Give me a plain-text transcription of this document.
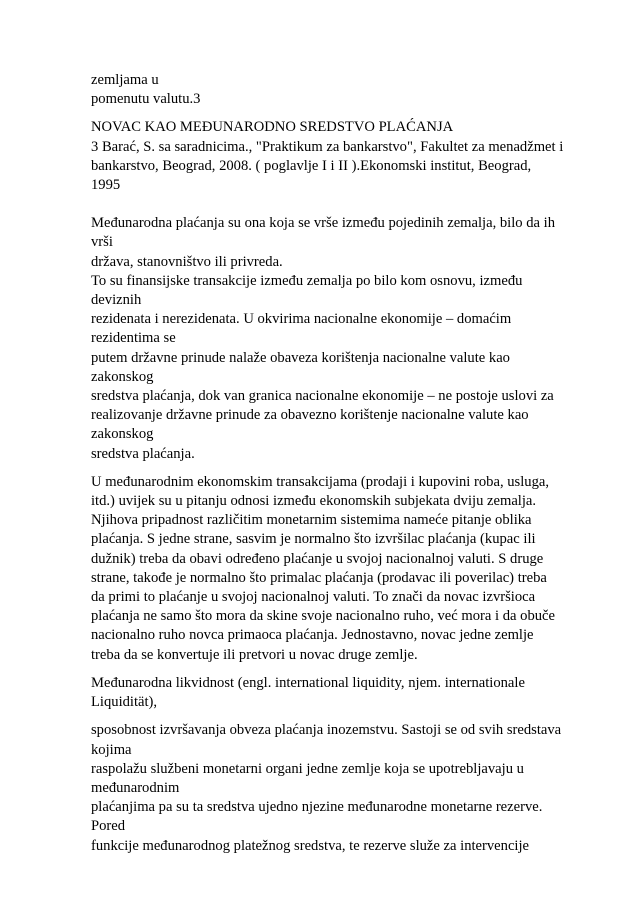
zemljama u
pomenutu valutu.3
NOVAC KAO MEĐUNARODNO SREDSTVO PLAĆANJA
3 Barać, S. sa saradnicima., "Praktikum za bankarstvo", Fakultet za menadžmet i
bankarstvo, Beograd, 2008. ( poglavlje I i II ).Ekonomski institut, Beograd,
1995
Međunarodna plaćanja su ona koja se vrše između pojedinih zemalja, bilo da ih
vrši
država, stanovništvo ili privreda.
To su finansijske transakcije između zemalja po bilo kom osnovu, između
deviznih
rezidenata i nerezidenata. U okvirima nacionalne ekonomije – domaćim
rezidentima se
putem državne prinude nalaže obaveza korištenja nacionalne valute kao
zakonskog
sredstva plaćanja, dok van granica nacionalne ekonomije – ne postoje uslovi za
realizovanje državne prinude za obavezno korištenje nacionalne valute kao
zakonskog
sredstva plaćanja.
U međunarodnim ekonomskim transakcijama (prodaji i kupovini roba, usluga,
itd.) uvijek su u pitanju odnosi između ekonomskih subjekata dviju zemalja.
Njihova pripadnost različitim monetarnim sistemima nameće pitanje oblika
plaćanja. S jedne strane, sasvim je normalno što izvršilac plaćanja (kupac ili
dužnik) treba da obavi određeno plaćanje u svojoj nacionalnoj valuti. S druge
strane, takođe je normalno što primalac plaćanja (prodavac ili poverilac) treba
da primi to plaćanje u svojoj nacionalnoj valuti. To znači da novac izvršioca
plaćanja ne samo što mora da skine svoje nacionalno ruho, već mora i da obuče
nacionalno ruho novca primaoca plaćanja. Jednostavno, novac jedne zemlje
treba da se konvertuje ili pretvori u novac druge zemlje.
Međunarodna likvidnost (engl. international liquidity, njem. internationale
Liquidität),
sposobnost izvršavanja obveza plaćanja inozemstvu. Sastoji se od svih sredstava
kojima
raspolažu službeni monetarni organi jedne zemlje koja se upotrebljavaju u
međunarodnim
plaćanjima pa su ta sredstva ujedno njezine međunarodne monetarne rezerve.
Pored
funkcije međunarodnog platežnog sredstva, te rezerve služe za intervencije
